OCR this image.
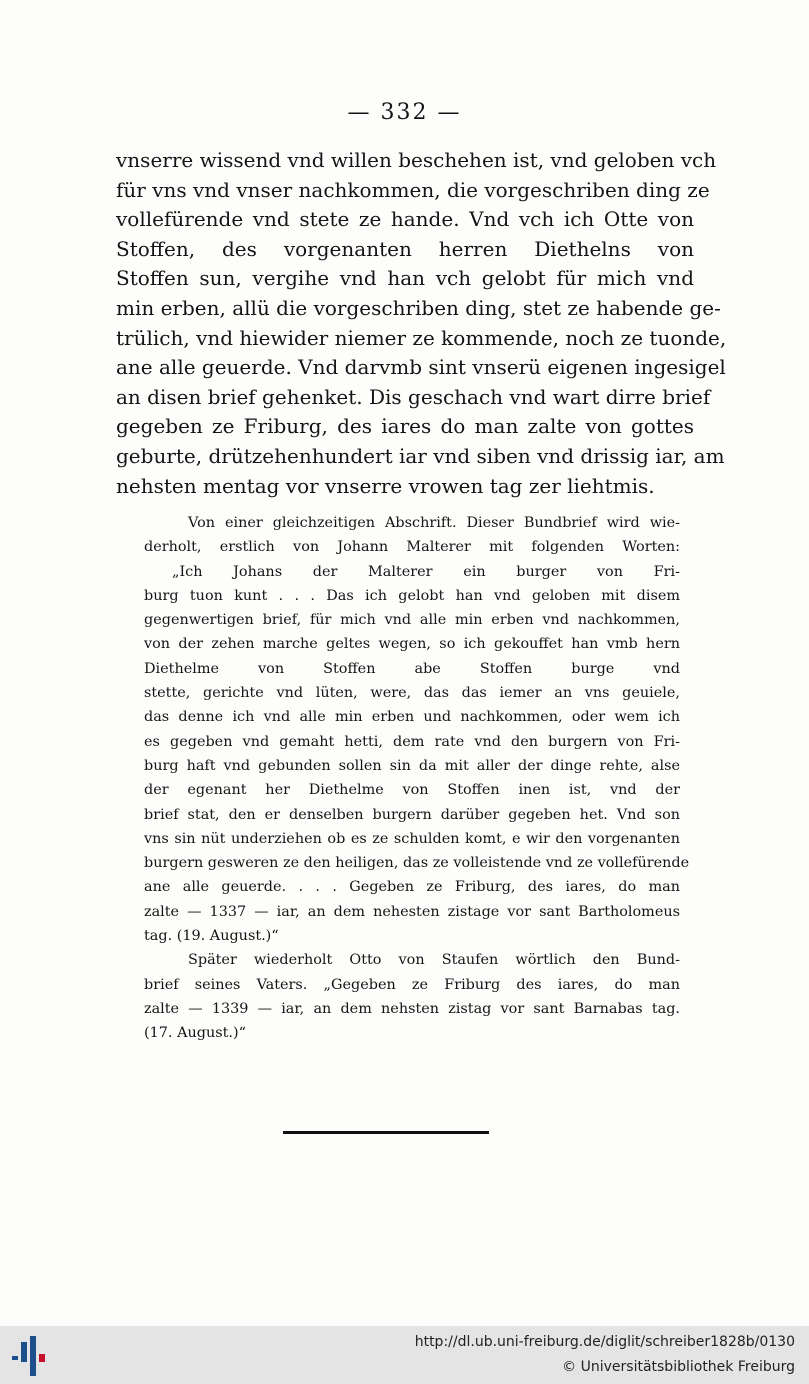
— 332 —
vnserre wissend vnd willen beschehen ist, vnd geloben vch
für vns vnd vnser nachkommen, die vorgeschriben ding ze
vollefürende vnd stete ze hande. Vnd vch ich Otte von
Stoffen, des vorgenanten herren Diethelns von
Stoffen sun, vergihe vnd han vch gelobt für mich vnd
min erben, allü die vorgeschriben ding, stet ze habende ge-
trülich, vnd hiewider niemer ze kommende, noch ze tuonde,
ane alle geuerde. Vnd darvmb sint vnserü eigenen ingesigel
an disen brief gehenket. Dis geschach vnd wart dirre brief
gegeben ze Friburg, des iares do man zalte von gottes
geburte, drützehenhundert iar vnd siben vnd drissig iar, am
nehsten mentag vor vnserre vrowen tag zer liehtmis.
Von einer gleichzeitigen Abschrift. Dieser Bundbrief wird wie-
derholt, erstlich von Johann Malterer mit folgenden Worten:
„Ich Johans der Malterer ein burger von Fri-
burg tuon kunt . . . Das ich gelobt han vnd geloben mit disem
gegenwertigen brief, für mich vnd alle min erben vnd nachkommen,
von der zehen marche geltes wegen, so ich gekouffet han vmb hern
Diethelme von Stoffen abe Stoffen burge vnd
stette, gerichte vnd lüten, were, das das iemer an vns geuiele,
das denne ich vnd alle min erben und nachkommen, oder wem ich
es gegeben vnd gemaht hetti, dem rate vnd den burgern von Fri-
burg haft vnd gebunden sollen sin da mit aller der dinge rehte, alse
der egenant her Diethelme von Stoffen inen ist, vnd der
brief stat, den er denselben burgern darüber gegeben het. Vnd son
vns sin nüt underziehen ob es ze schulden komt, e wir den vorgenanten
burgern gesweren ze den heiligen, das ze volleistende vnd ze vollefürende
ane alle geuerde. . . . Gegeben ze Friburg, des iares, do man
zalte — 1337 — iar, an dem nehesten zistage vor sant Bartholomeus
tag. (19. August.)“
Später wiederholt Otto von Staufen wörtlich den Bund-
brief seines Vaters. „Gegeben ze Friburg des iares, do man
zalte — 1339 — iar, an dem nehsten zistag vor sant Barnabas tag.
(17. August.)“
http://dl.ub.uni-freiburg.de/diglit/schreiber1828b/0130
© Universitätsbibliothek Freiburg
